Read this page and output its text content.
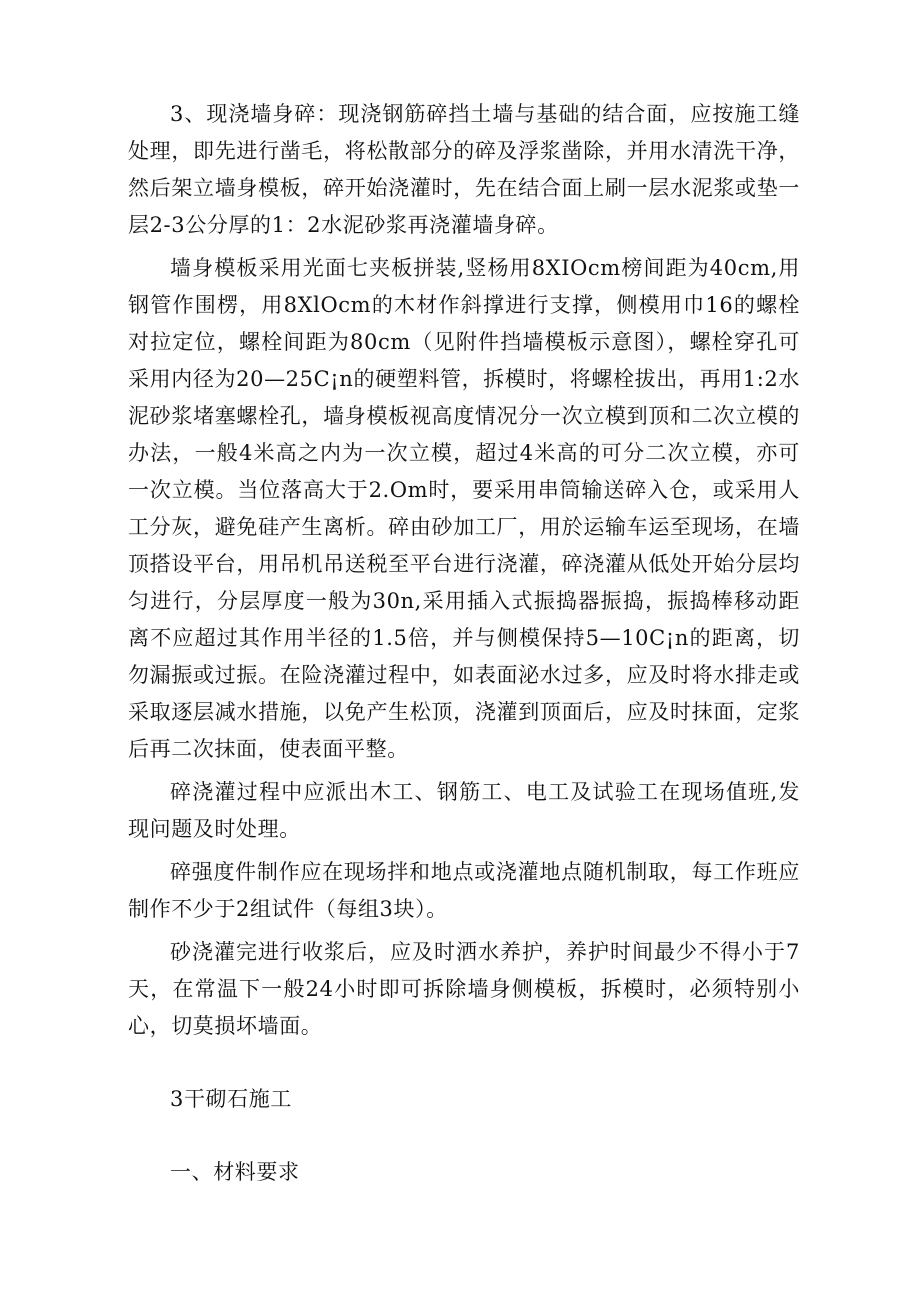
3、现浇墙身碎：现浇钢筋碎挡土墙与基础的结合面，应按施工缝处理，即先进行凿毛，将松散部分的碎及浮浆凿除，并用水清洗干净，然后架立墙身模板，碎开始浇灌时，先在结合面上刷一层水泥浆或垫一层2-3公分厚的1：2水泥砂浆再浇灌墙身碎。

墙身模板采用光面七夹板拼装,竖杨用8XIOcm榜间距为40cm,用钢管作围楞，用8XlOcm的木材作斜撑进行支撑，侧模用巾16的螺栓对拉定位，螺栓间距为80cm（见附件挡墙模板示意图），螺栓穿孔可采用内径为20—25C¡n的硬塑料管，拆模时，将螺栓拔出，再用1:2水泥砂浆堵塞螺栓孔，墙身模板视高度情况分一次立模到顶和二次立模的办法，一般4米高之内为一次立模，超过4米高的可分二次立模，亦可一次立模。当位落高大于2.Om时，要采用串筒输送碎入仓，或采用人工分灰，避免硅产生离析。碎由砂加工厂，用於运输车运至现场，在墙顶搭设平台，用吊机吊送税至平台进行浇灌，碎浇灌从低处开始分层均匀进行，分层厚度一般为30n,采用插入式振捣器振捣，振捣棒移动距离不应超过其作用半径的1.5倍，并与侧模保持5—10C¡n的距离，切勿漏振或过振。在险浇灌过程中，如表面泌水过多，应及时将水排走或采取逐层减水措施，以免产生松顶，浇灌到顶面后，应及时抹面，定浆后再二次抹面，使表面平整。

碎浇灌过程中应派出木工、钢筋工、电工及试验工在现场值班,发现问题及时处理。

碎强度件制作应在现场拌和地点或浇灌地点随机制取，每工作班应制作不少于2组试件（每组3块）。

砂浇灌完进行收浆后，应及时洒水养护，养护时间最少不得小于7天，在常温下一般24小时即可拆除墙身侧模板，拆模时，必须特别小心，切莫损坏墙面。

3干砌石施工

一、材料要求
